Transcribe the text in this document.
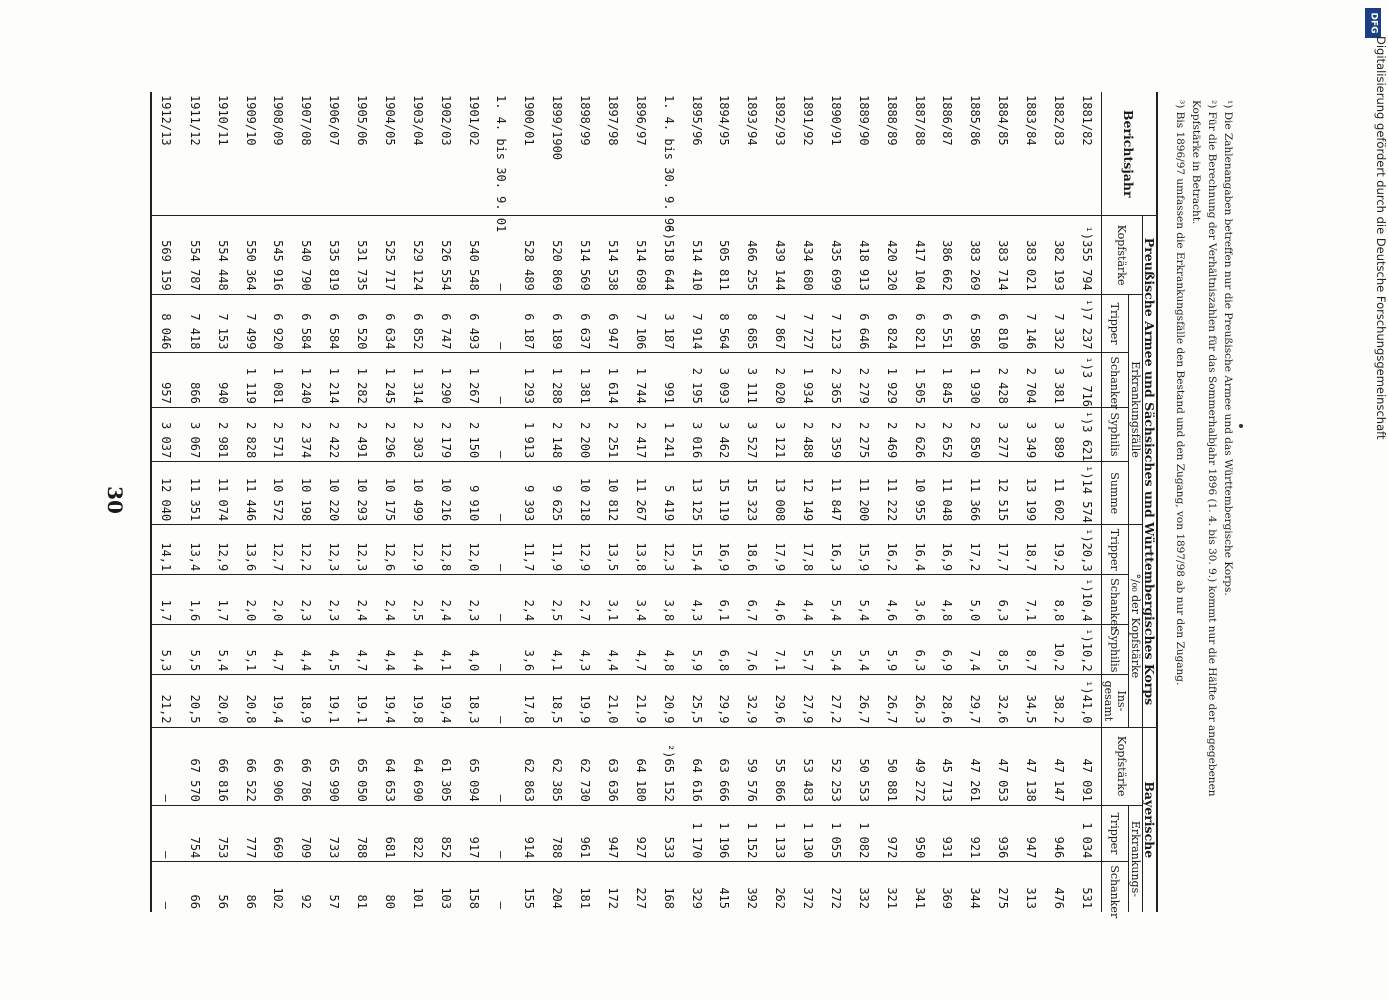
30
DFG
Digitalisierung gefördert durch die Deutsche Forschungsgemeinschaft
Berichtsjahr	Preußische Armee und Sächsisches und Württembergisches Korps									Bayerische		
	Kopfstärke	Erkrankungsfälle				°/₀₀ der Kopfstärke				Kopfstärke	Erkrankungs-	
		Tripper	Schanker	Syphilis	Summe	Tripper	Schanker	Syphilis	Ins-gesamt		Tripper	Schanker
1881/82	¹)355 794	¹)7 237	¹)3 716	¹)3 621	¹)14 574	¹)20,3	¹)10,4	¹)10,2	¹)41,0	47 091	1 034	531
1882/83	382 193	7 332	3 381	3 889	11 602	19,2	8,8	10,2	38,2	47 147	946	476
1883/84	383 021	7 146	2 704	3 349	13 199	18,7	7,1	8,7	34,5	47 138	947	313
1884/85	383 714	6 810	2 428	3 277	12 515	17,7	6,3	8,5	32,6	47 053	936	275
1885/86	383 269	6 586	1 930	2 850	11 366	17,2	5,0	7,4	29,7	47 261	921	344
1886/87	386 662	6 551	1 845	2 652	11 048	16,9	4,8	6,9	28,6	45 713	931	369
1887/88	417 104	6 821	1 505	2 626	10 955	16,4	3,6	6,3	26,3	49 272	950	341
1888/89	420 320	6 824	1 929	2 469	11 222	16,2	4,6	5,9	26,7	50 881	972	321
1889/90	418 913	6 646	2 279	2 275	11 200	15,9	5,4	5,4	26,7	50 553	1 082	332
1890/91	435 699	7 123	2 365	2 359	11 847	16,3	5,4	5,4	27,2	52 253	1 055	272
1891/92	434 680	7 727	1 934	2 488	12 149	17,8	4,4	5,7	27,9	53 483	1 130	372
1892/93	439 144	7 867	2 020	3 121	13 008	17,9	4,6	7,1	29,6	55 866	1 133	262
1893/94	466 255	8 685	3 111	3 527	15 323	18,6	6,7	7,6	32,9	59 576	1 152	392
1894/95	505 811	8 564	3 093	3 462	15 119	16,9	6,1	6,8	29,9	63 666	1 196	415
1895/96	514 410	7 914	2 195	3 016	13 125	15,4	4,3	5,9	25,5	64 616	1 170	329
1. 4. bis 30. 9. 96	²)518 644	3 187	991	1 241	5 419	12,3	3,8	4,8	20,9	²)65 152	533	168
1896/97	514 698	7 106	1 744	2 417	11 267	13,8	3,4	4,7	21,9	64 180	927	227
1897/98	514 538	6 947	1 614	2 251	10 812	13,5	3,1	4,4	21,0	63 636	947	172
1898/99	514 569	6 637	1 381	2 200	10 218	12,9	2,7	4,3	19,9	62 730	961	181
1899/1900	520 869	6 189	1 288	2 148	9 625	11,9	2,5	4,1	18,5	62 385	788	204
1900/01	528 489	6 187	1 293	1 913	9 393	11,7	2,4	3,6	17,8	62 863	914	155
1. 4. bis 30. 9. 01	—	—	—	—	—	—	—	—	—	—	—	—
1901/02	540 548	6 493	1 267	2 150	9 910	12,0	2,3	4,0	18,3	65 094	917	158
1902/03	526 554	6 747	1 290	2 179	10 216	12,8	2,4	4,1	19,4	61 305	852	103
1903/04	529 124	6 852	1 314	2 303	10 499	12,9	2,5	4,4	19,8	64 690	822	101
1904/05	525 717	6 634	1 245	2 296	10 175	12,6	2,4	4,4	19,4	64 653	681	80
1905/06	531 735	6 520	1 282	2 491	10 293	12,3	2,4	4,7	19,1	65 050	788	81
1906/07	535 819	6 584	1 214	2 422	10 220	12,3	2,3	4,5	19,1	65 990	733	57
1907/08	540 790	6 584	1 240	2 374	10 198	12,2	2,3	4,4	18,9	66 786	709	92
1908/09	545 916	6 920	1 081	2 571	10 572	12,7	2,0	4,7	19,4	66 906	669	102
1909/10	550 364	7 499	1 119	2 828	11 446	13,6	2,0	5,1	20,8	66 522	777	86
1910/11	554 448	7 153	940	2 981	11 074	12,9	1,7	5,4	20,0	66 816	753	56
1911/12	554 787	7 418	866	3 067	11 351	13,4	1,6	5,5	20,5	67 570	754	66
1912/13	569 159	8 046	957	3 037	12 040	14,1	1,7	5,3	21,2	—	—	—
¹) Die Zahlenangaben betreffen nur die Preußische Armee und das Württembergische Korps.
²) Für die Berechnung der Verhältniszahlen für das Sommerhalbjahr 1896 (1. 4. bis 30. 9.) kommt nur die Hälfte der angegebenen
Kopfstärke in Betracht.
³) Bis 1896/97 umfassen die Erkrankungsfälle den Bestand und den Zugang, von 1897/98 ab nur den Zugang.
